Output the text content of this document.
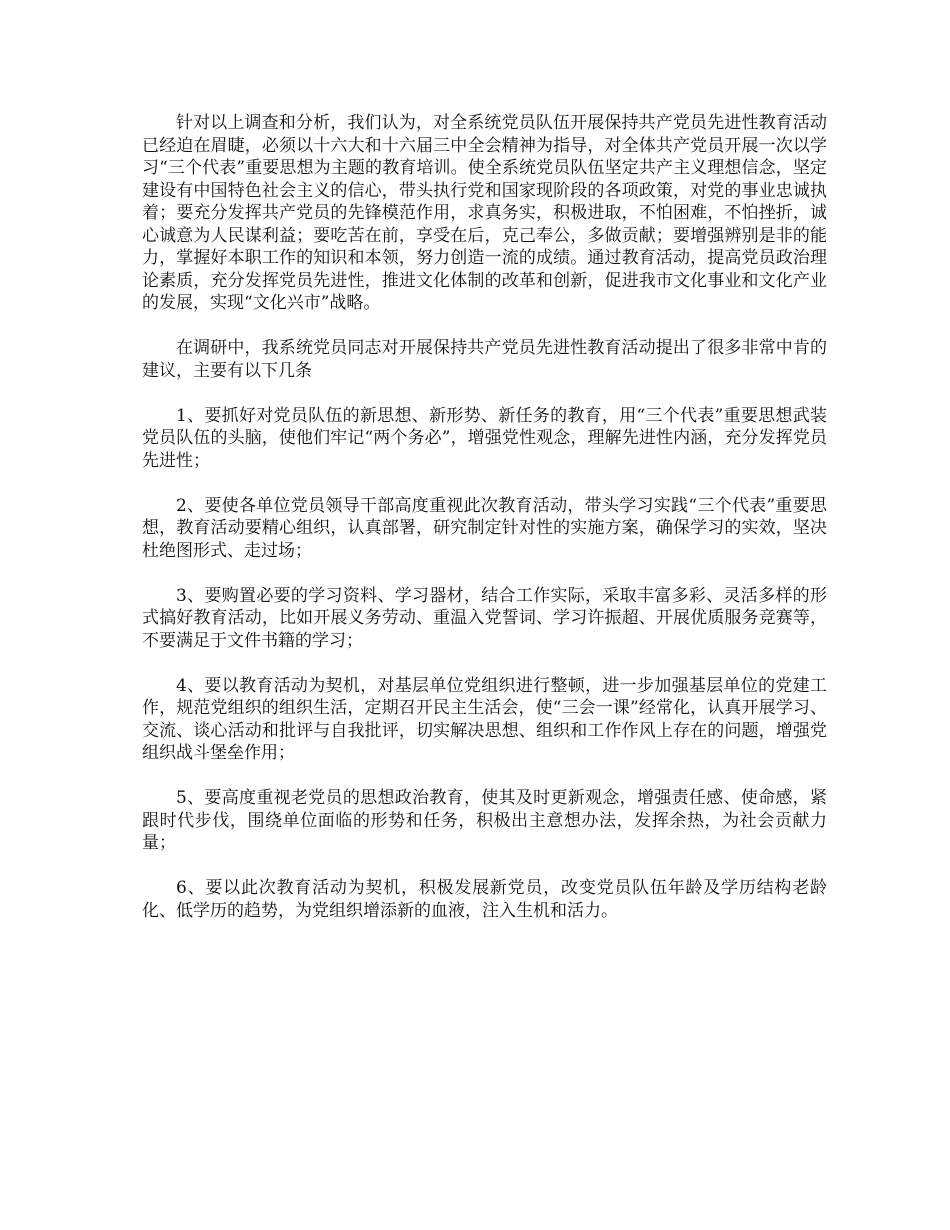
针对以上调查和分析，我们认为，对全系统党员队伍开展保持共产党员先进性教育活动已经迫在眉睫，必须以十六大和十六届三中全会精神为指导，对全体共产党员开展一次以学习“三个代表”重要思想为主题的教育培训。使全系统党员队伍坚定共产主义理想信念，坚定建设有中国特色社会主义的信心，带头执行党和国家现阶段的各项政策，对党的事业忠诚执着；要充分发挥共产党员的先锋模范作用，求真务实，积极进取，不怕困难，不怕挫折，诚心诚意为人民谋利益；要吃苦在前，享受在后，克己奉公，多做贡献；要增强辨别是非的能力，掌握好本职工作的知识和本领，努力创造一流的成绩。通过教育活动，提高党员政治理论素质，充分发挥党员先进性，推进文化体制的改革和创新，促进我市文化事业和文化产业的发展，实现“文化兴市”战略。

在调研中，我系统党员同志对开展保持共产党员先进性教育活动提出了很多非常中肯的建议，主要有以下几条

1、要抓好对党员队伍的新思想、新形势、新任务的教育，用“三个代表”重要思想武装党员队伍的头脑，使他们牢记“两个务必”，增强党性观念，理解先进性内涵，充分发挥党员先进性；

2、要使各单位党员领导干部高度重视此次教育活动，带头学习实践“三个代表”重要思想，教育活动要精心组织，认真部署，研究制定针对性的实施方案，确保学习的实效，坚决杜绝图形式、走过场；

3、要购置必要的学习资料、学习器材，结合工作实际，采取丰富多彩、灵活多样的形式搞好教育活动，比如开展义务劳动、重温入党誓词、学习许振超、开展优质服务竞赛等，不要满足于文件书籍的学习；

4、要以教育活动为契机，对基层单位党组织进行整顿，进一步加强基层单位的党建工作，规范党组织的组织生活，定期召开民主生活会，使“三会一课”经常化，认真开展学习、交流、谈心活动和批评与自我批评，切实解决思想、组织和工作作风上存在的问题，增强党组织战斗堡垒作用；

5、要高度重视老党员的思想政治教育，使其及时更新观念，增强责任感、使命感，紧跟时代步伐，围绕单位面临的形势和任务，积极出主意想办法，发挥余热，为社会贡献力量；

6、要以此次教育活动为契机，积极发展新党员，改变党员队伍年龄及学历结构老龄化、低学历的趋势，为党组织增添新的血液，注入生机和活力。
